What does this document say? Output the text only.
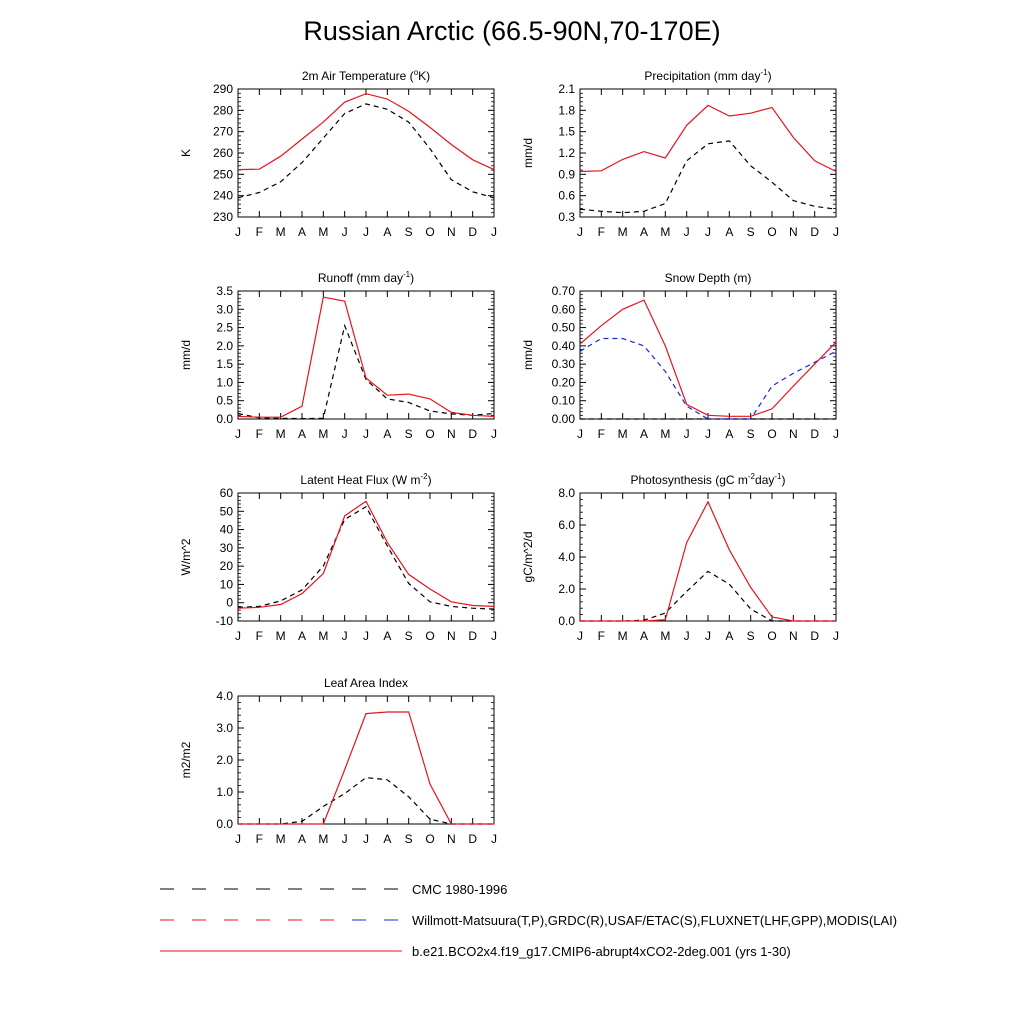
Russian Arctic (66.5-90N,70-170E)
2m Air Temperature ($^o$K)
230
240
250
260
270
280
290
J F M A M J J A S O N D J
K
Precipitation (mm day$^{-1}$)
0.3
0.6
0.9
1.2
1.5
1.8
2.1
J F M A M J J A S O N D J
mm/d
Runoff (mm day$^{-1}$)
0.0
0.5
1.0
1.5
2.0
2.5
3.0
3.5
J F M A M J J A S O N D J
mm/d
Snow Depth (m)
0.00
0.10
0.20
0.30
0.40
0.50
0.60
0.70
J F M A M J J A S O N D J
mm/d
Latent Heat Flux (W $m^{-2}$)
-10
0
10
20
30
40
50
60
J F M A M J J A S O N D J
W/m^2
Photosynthesis (gC $m^{-2}day^{-1}$)
0.0
2.0
4.0
6.0
8.0
J F M A M J J A S O N D J
gC/m^2/d
Leaf Area Index
0.0
1.0
2.0
3.0
4.0
J F M A M J J A S O N D J
m2/m2
CMC 1980-1996
Willmott-Matsuura(T,P),GRDC(R),USAF/ETAC(S),FLUXNET(LHF,GPP),MODIS(LAI)
b.e21.BCO2x4.f19_g17.CMIP6-abrupt4xCO2-2deg.001 (yrs 1-30)
